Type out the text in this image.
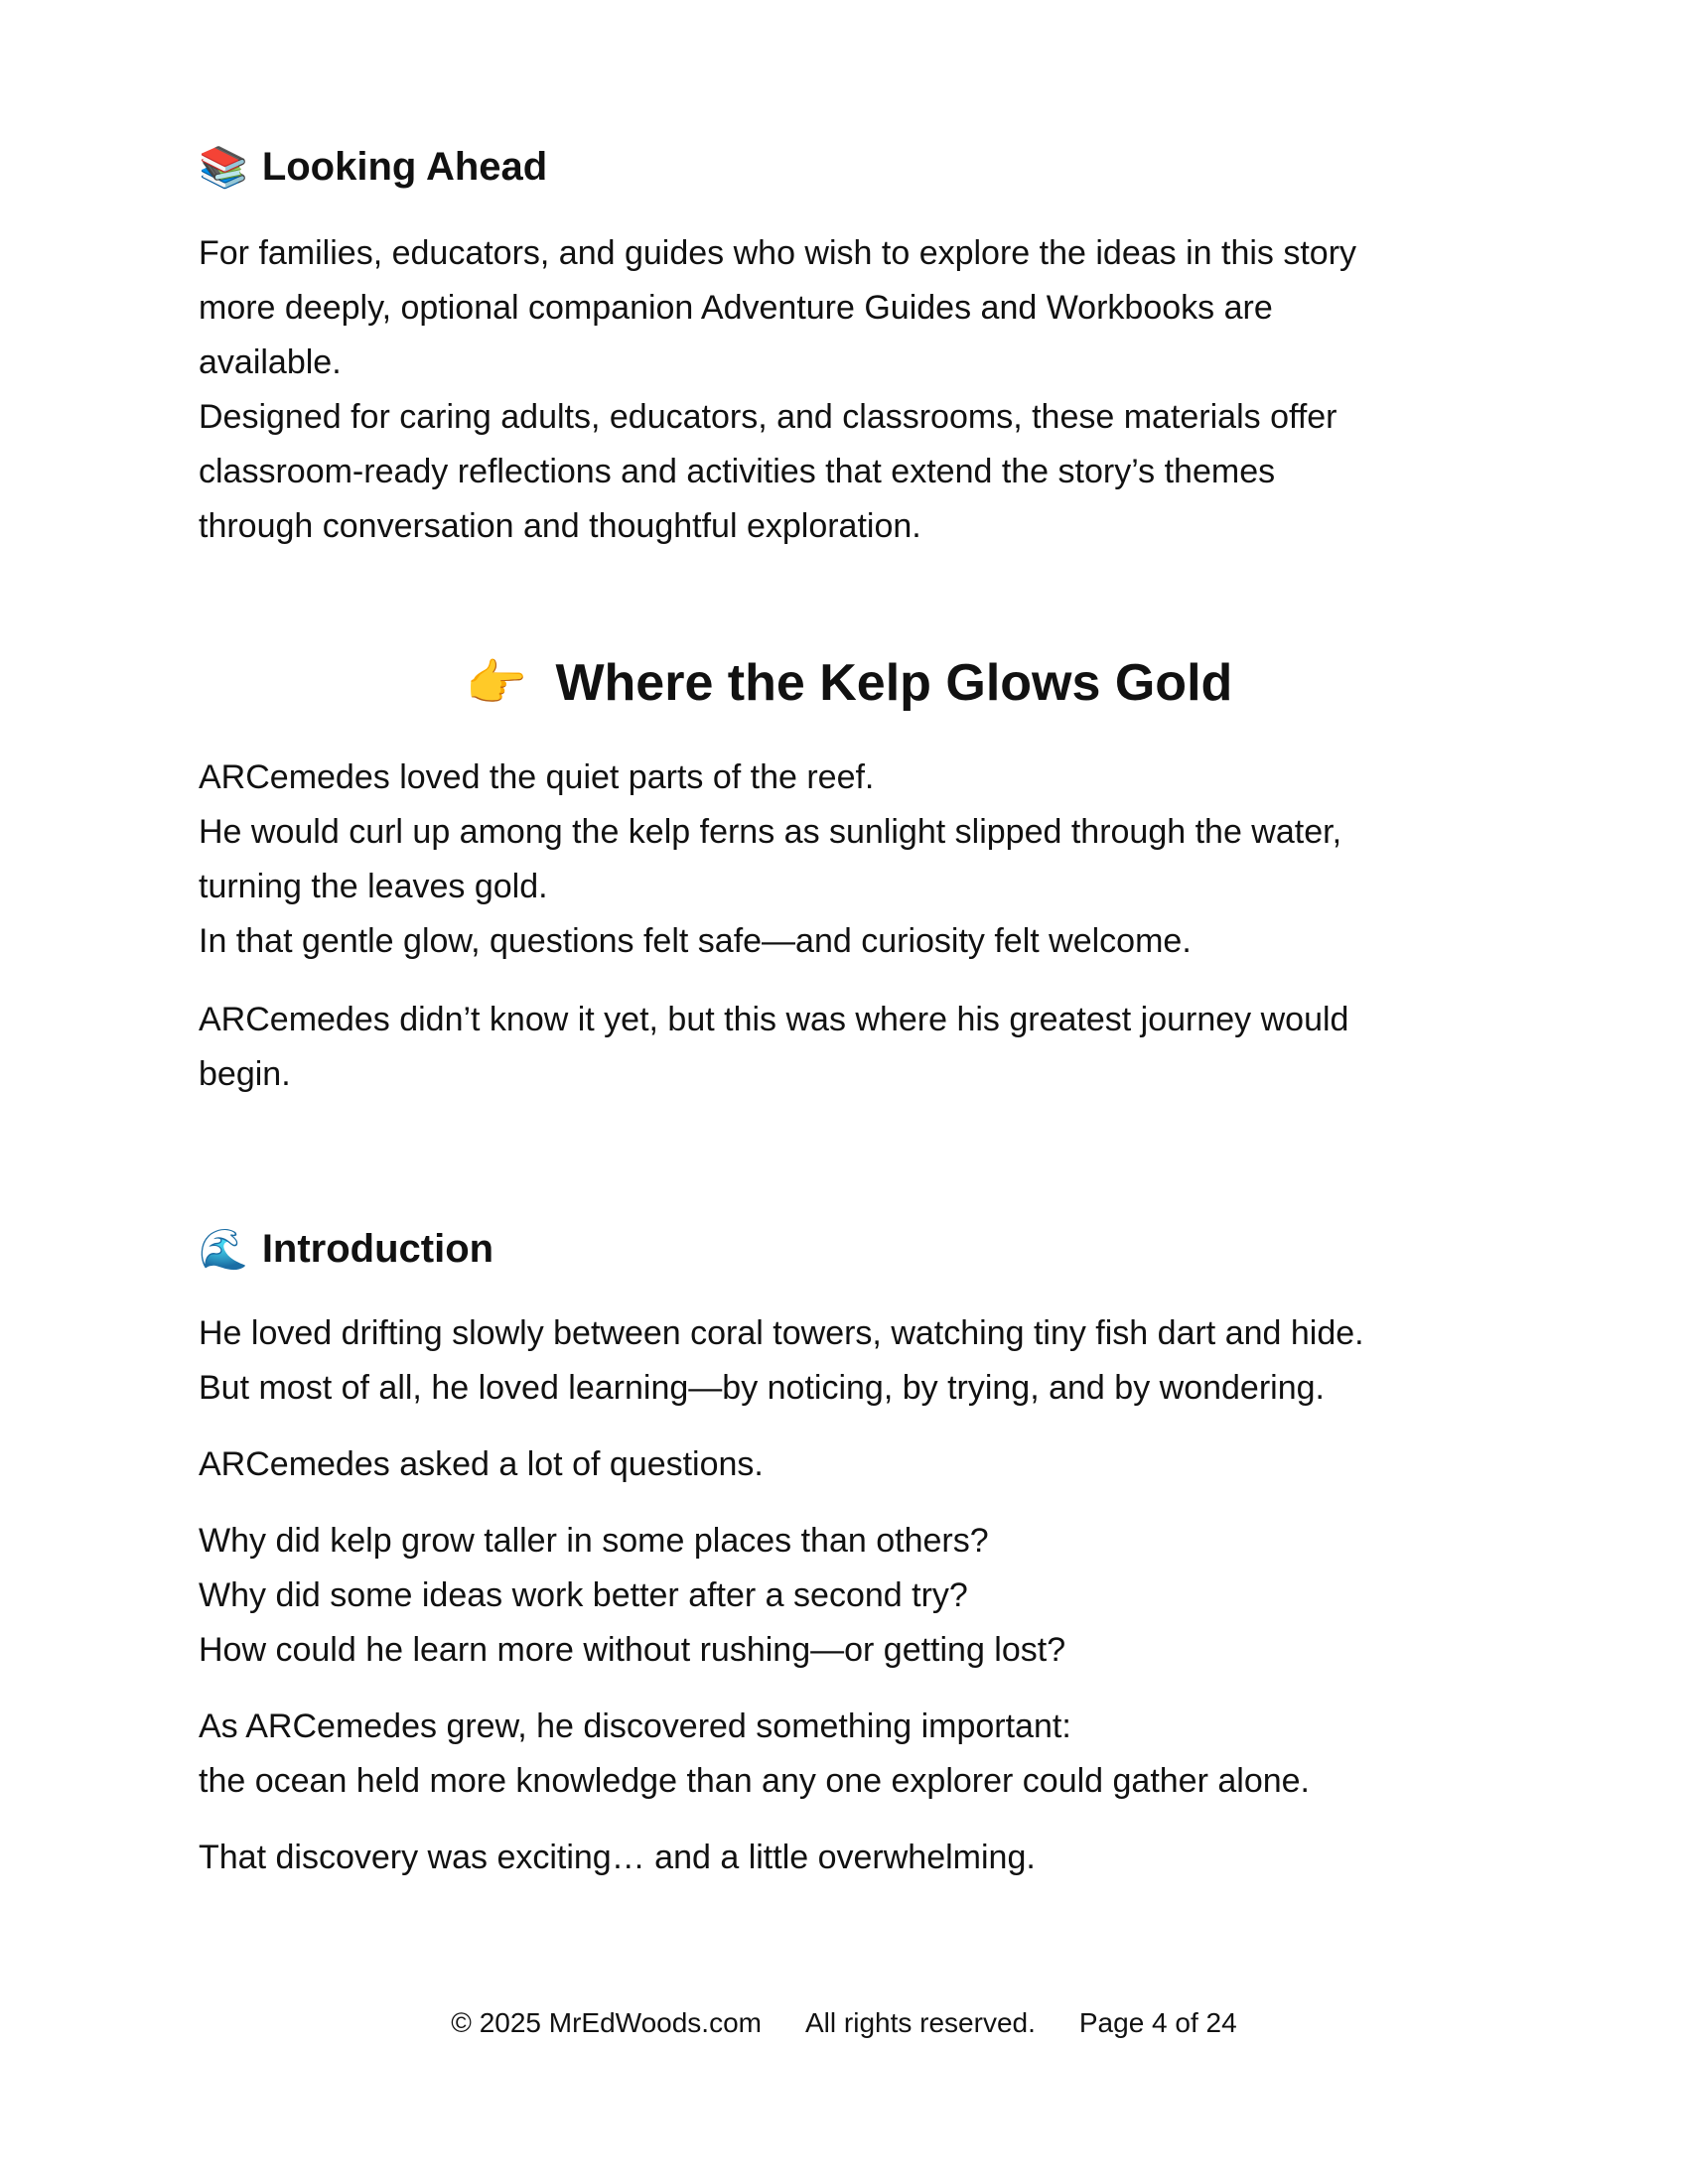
📚 Looking Ahead

For families, educators, and guides who wish to explore the ideas in this story
more deeply, optional companion Adventure Guides and Workbooks are
available.
Designed for caring adults, educators, and classrooms, these materials offer
classroom-ready reflections and activities that extend the story’s themes
through conversation and thoughtful exploration.

👉 Where the Kelp Glows Gold

ARCemedes loved the quiet parts of the reef.
He would curl up among the kelp ferns as sunlight slipped through the water,
turning the leaves gold.
In that gentle glow, questions felt safe—and curiosity felt welcome.

ARCemedes didn’t know it yet, but this was where his greatest journey would
begin.

🌊 Introduction

He loved drifting slowly between coral towers, watching tiny fish dart and hide.
But most of all, he loved learning—by noticing, by trying, and by wondering.

ARCemedes asked a lot of questions.

Why did kelp grow taller in some places than others?
Why did some ideas work better after a second try?
How could he learn more without rushing—or getting lost?

As ARCemedes grew, he discovered something important:
the ocean held more knowledge than any one explorer could gather alone.

That discovery was exciting… and a little overwhelming.

© 2025 MrEdWoods.com All rights reserved. Page 4 of 24
